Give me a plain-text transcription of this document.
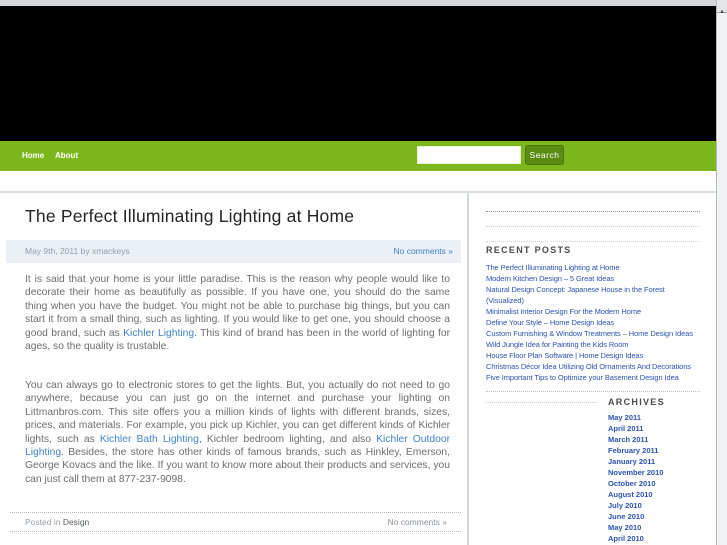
Home About	Search
The Perfect Illuminating Lighting at Home
May 9th, 2011 by xmackeys	No comments »

It is said that your home is your little paradise. This is the reason why people would like to decorate their home as beautifully as possible. If you have one, you should do the same thing when you have the budget. You might not be able to purchase big things, but you can start it from a small thing, such as lighting. If you would like to get one, you should choose a good brand, such as Kichler Lighting. This kind of brand has been in the world of lighting for ages, so the quality is trustable.

You can always go to electronic stores to get the lights. But, you actually do not need to go anywhere, because you can just go on the internet and purchase your lighting on Littmanbros.com. This site offers you a million kinds of lights with different brands, sizes, prices, and materials. For example, you pick up Kichler, you can get different kinds of Kichler lights, such as Kichler Bath Lighting, Kichler bedroom lighting, and also Kichler Outdoor Lighting. Besides, the store has other kinds of famous brands, such as Hinkley, Emerson, George Kovacs and the like. If you want to know more about their products and services, you can just call them at 877-237-9098.

Posted in Design	No comments »
RECENT POSTS
The Perfect Illuminating Lighting at Home
Modern Kitchen Design – 5 Great Ideas
Natural Design Concept: Japanese House in the Forest (Visualized)
Minimalist Interior Design For the Modern Home
Define Your Style – Home Design Ideas
Custom Furnishing & Window Treatments – Home Design Ideas
Wild Jungle Idea for Painting the Kids Room
House Floor Plan Software | Home Design Ideas
Christmas Décor Idea Utilizing Old Ornaments And Decorations
Five Important Tips to Optimize your Basement Design Idea
ARCHIVES
May 2011
April 2011
March 2011
February 2011
January 2011
November 2010
October 2010
August 2010
July 2010
June 2010
May 2010
April 2010
▲
